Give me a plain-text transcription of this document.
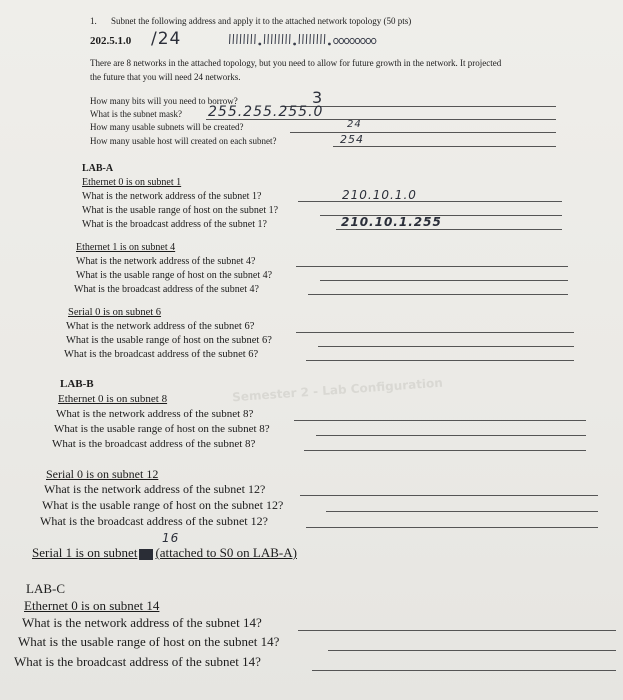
1. Subnet the following address and apply it to the attached network topology (50 pts)
202.5.1.0 /24
There are 8 networks in the attached topology, but you need to allow for future growth in the network. It projected
the future that you will need 24 networks.
How many bits will you need to borrow?	3
What is the subnet mask? 255.255.255.0
How many usable subnets will be created?	24
How many usable host will created on each subnet?	254
LAB-A
Ethernet 0 is on subnet 1
What is the network address of the subnet 1?	210.10.1.0
What is the usable range of host on the subnet 1?
What is the broadcast address of the subnet 1?	210.10.1.255
Ethernet 1 is on subnet 4
What is the network address of the subnet 4?
What is the usable range of host on the subnet 4?
What is the broadcast address of the subnet 4?
Serial 0 is on subnet 6
What is the network address of the subnet 6?
What is the usable range of host on the subnet 6?
What is the broadcast address of the subnet 6?
LAB-B
Ethernet 0 is on subnet 8	Semester 2 - Lab Configuration
What is the network address of the subnet 8?
What is the usable range of host on the subnet 8?
What is the broadcast address of the subnet 8?
Serial 0 is on subnet 12
What is the network address of the subnet 12?
What is the usable range of host on the subnet 12?
What is the broadcast address of the subnet 12?
Serial 1 is on subnet (attached to S0 on LAB-A)
16
LAB-C
Ethernet 0 is on subnet 14
What is the network address of the subnet 14?
What is the usable range of host on the subnet 14?
What is the broadcast address of the subnet 14?
